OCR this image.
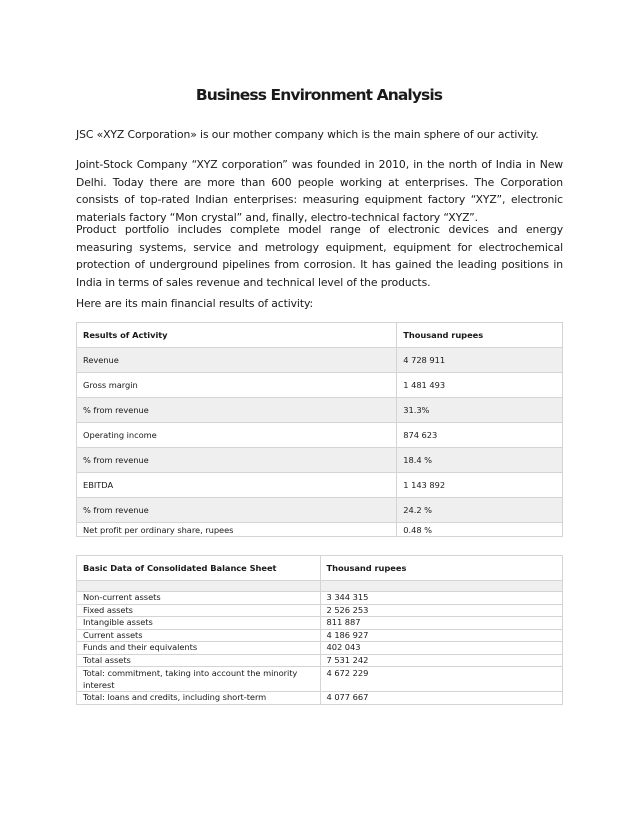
Business Environment Analysis

JSC «XYZ Corporation» is our mother company which is the main sphere of our activity.

Joint-Stock Company “XYZ corporation” was founded in 2010, in the north of India in New Delhi. Today there are more than 600 people working at enterprises. The Corporation consists of top-rated Indian enterprises: measuring equipment factory “XYZ”, electronic materials factory “Mon crystal” and, finally, electro-technical factory “XYZ”.

Product portfolio includes complete model range of electronic devices and energy measuring systems, service and metrology equipment, equipment for electrochemical protection of underground pipelines from corrosion. It has gained the leading positions in India in terms of sales revenue and technical level of the products.

Here are its main financial results of activity:

Results of Activity	Thousand rupees
Revenue	4 728 911
Gross margin	1 481 493
% from revenue	31.3%
Operating income	874 623
% from revenue	18.4 %
EBITDA	1 143 892
% from revenue	24.2 %
Net profit per ordinary share, rupees	0.48 %
Basic Data of Consolidated Balance Sheet	Thousand rupees

Non-current assets	3 344 315
Fixed assets	2 526 253
Intangible assets	811 887
Current assets	4 186 927
Funds and their equivalents	402 043
Total assets	7 531 242
Total: commitment, taking into account the minority interest	4 672 229
Total: loans and credits, including short-term	4 077 667
